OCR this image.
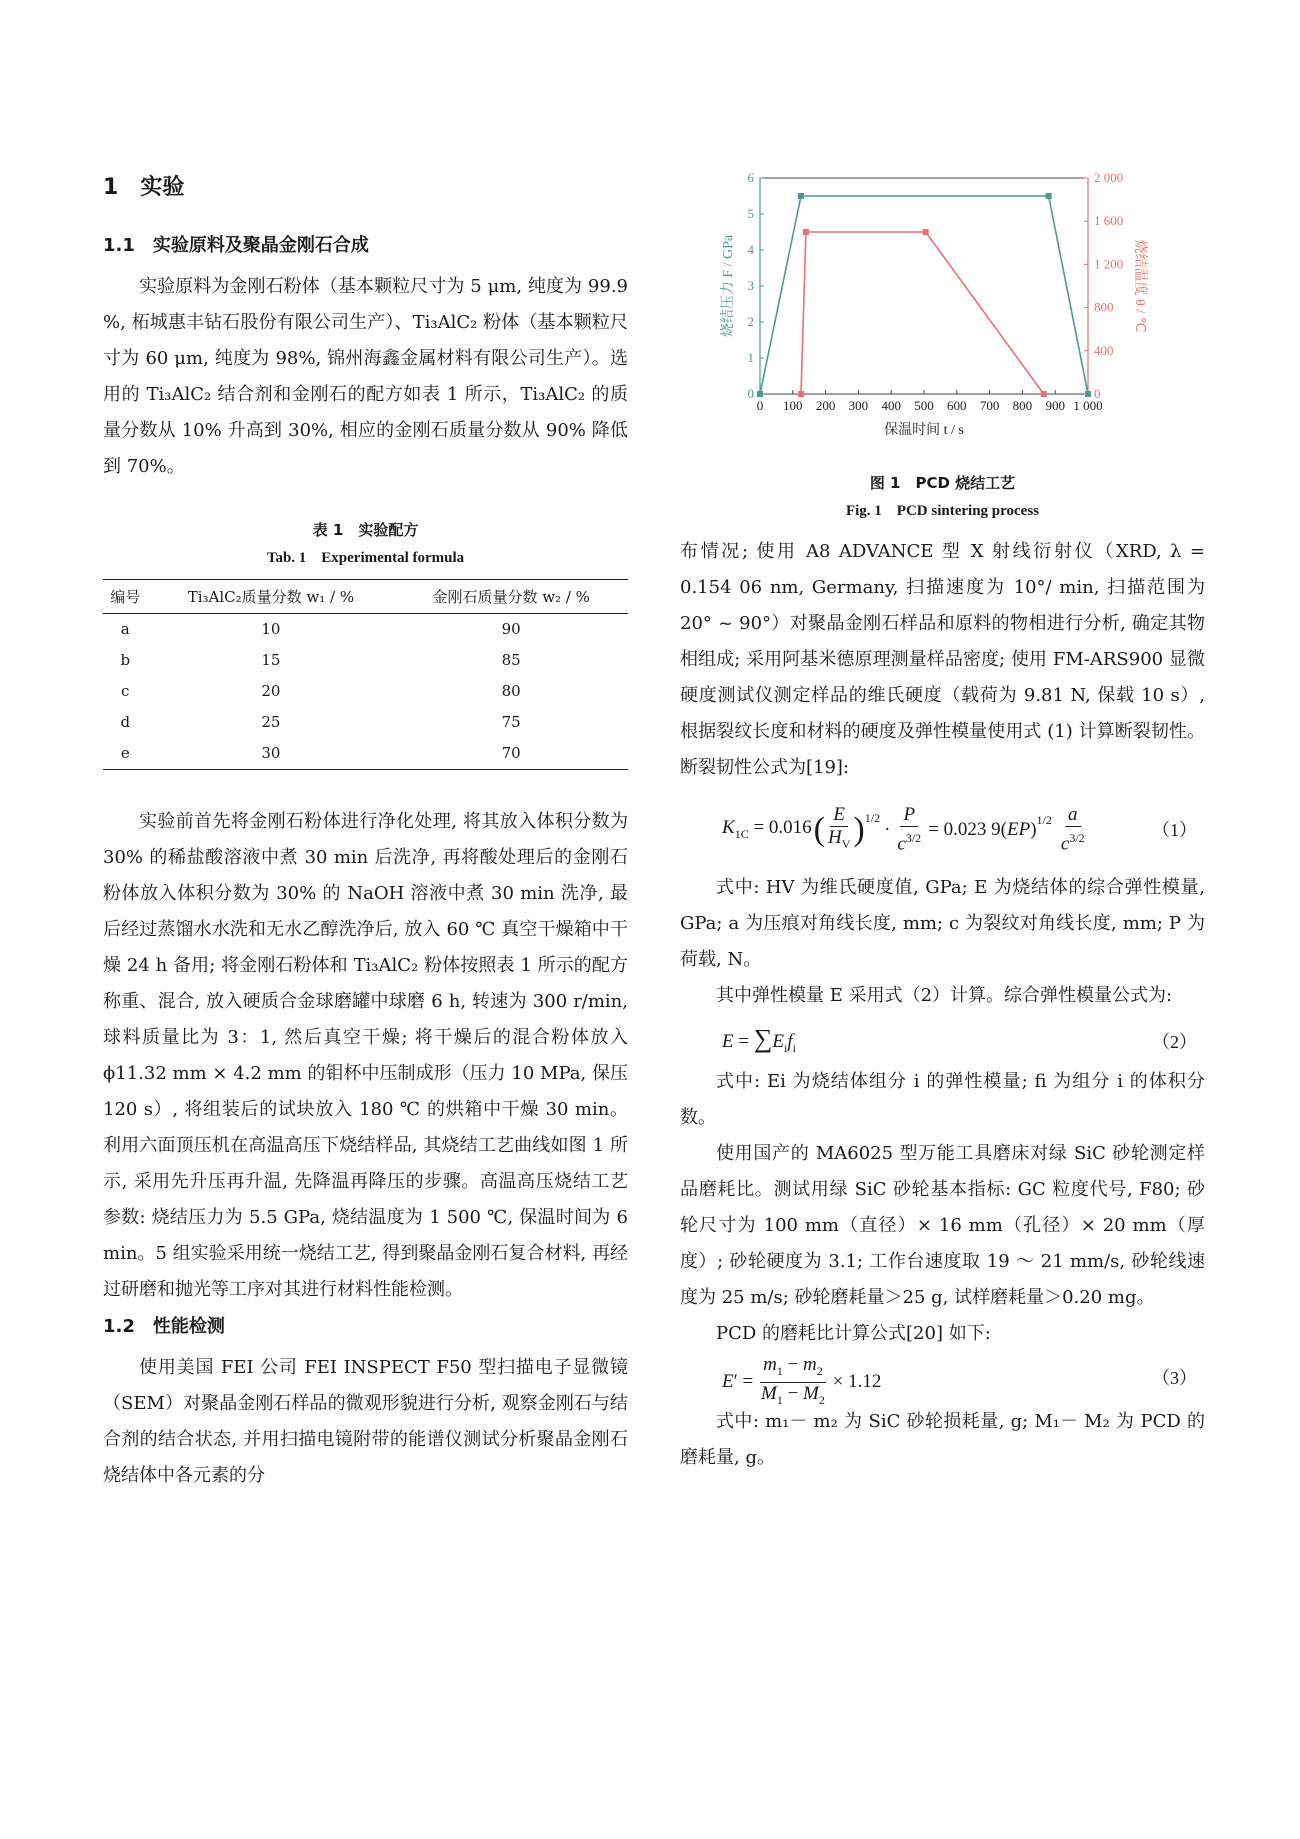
1 实验
1.1 实验原料及聚晶金刚石合成

实验原料为金刚石粉体（基本颗粒尺寸为 5 μm, 纯度为 99.9 %, 柘城惠丰钻石股份有限公司生产）、Ti₃AlC₂ 粉体（基本颗粒尺寸为 60 μm, 纯度为 98%, 锦州海鑫金属材料有限公司生产）。选用的 Ti₃AlC₂ 结合剂和金刚石的配方如表 1 所示，Ti₃AlC₂ 的质量分数从 10% 升高到 30%, 相应的金刚石质量分数从 90% 降低到 70%。

表 1　实验配方

Tab. 1　Experimental formula

编号	Ti₃AlC₂质量分数 w₁ / %	金刚石质量分数 w₂ / %
a	10	90
b	15	85
c	20	80
d	25	75
e	30	70

实验前首先将金刚石粉体进行净化处理, 将其放入体积分数为 30% 的稀盐酸溶液中煮 30 min 后洗净, 再将酸处理后的金刚石粉体放入体积分数为 30% 的 NaOH 溶液中煮 30 min 洗净, 最后经过蒸馏水水洗和无水乙醇洗净后, 放入 60 ℃ 真空干燥箱中干燥 24 h 备用; 将金刚石粉体和 Ti₃AlC₂ 粉体按照表 1 所示的配方称重、混合, 放入硬质合金球磨罐中球磨 6 h, 转速为 300 r/min, 球料质量比为 3：1, 然后真空干燥; 将干燥后的混合粉体放入 ϕ11.32 mm × 4.2 mm 的钼杯中压制成形（压力 10 MPa, 保压 120 s）, 将组装后的试块放入 180 ℃ 的烘箱中干燥 30 min。利用六面顶压机在高温高压下烧结样品, 其烧结工艺曲线如图 1 所示, 采用先升压再升温, 先降温再降压的步骤。高温高压烧结工艺参数: 烧结压力为 5.5 GPa, 烧结温度为 1 500 ℃, 保温时间为 6 min。5 组实验采用统一烧结工艺, 得到聚晶金刚石复合材料, 再经过研磨和抛光等工序对其进行材料性能检测。

1.2 性能检测

使用美国 FEI 公司 FEI INSPECT F50 型扫描电子显微镜（SEM）对聚晶金刚石样品的微观形貌进行分析, 观察金刚石与结合剂的结合状态, 并用扫描电镜附带的能谱仪测试分析聚晶金刚石烧结体中各元素的分

0 100 200 300 400 500 600 700 800 900 1 000
0
1
2
3
4
5
6
0
400
800
1 200
1 600
2 000
保温时间 t / s
烧结压力 F / GPa	烧结温度 θ / ℃

图 1　PCD 烧结工艺

Fig. 1　PCD sintering process

布情况; 使用 A8 ADVANCE 型 X 射线衍射仪（XRD, λ = 0.154 06 nm, Germany, 扫描速度为 10°/ min, 扫描范围为 20° ~ 90°）对聚晶金刚石样品和原料的物相进行分析, 确定其物相组成; 采用阿基米德原理测量样品密度; 使用 FM-ARS900 显微硬度测试仪测定样品的维氏硬度（载荷为 9.81 N, 保载 10 s）, 根据裂纹长度和材料的硬度及弹性模量使用式 (1) 计算断裂韧性。断裂韧性公式为[19]:

$K_{1C} = 0.016$ ( $\frac{E}{H_V} )^{1/2}$
· $\frac{P}{c^{3/2}} = 0.023$ $9(EP)^{1/2} \frac{a}{c^{3/2}}$	（1）

式中: HV 为维氏硬度值, GPa; E 为烧结体的综合弹性模量, GPa; a 为压痕对角线长度, mm; c 为裂纹对角线长度, mm; P 为荷载, N。

其中弹性模量 E 采用式（2）计算。综合弹性模量公式为:

$E = \sum E_if_i$	（2）

式中: Ei 为烧结体组分 i 的弹性模量; fi 为组分 i 的体积分数。

使用国产的 MA6025 型万能工具磨床对绿 SiC 砂轮测定样品磨耗比。测试用绿 SiC 砂轮基本指标: GC 粒度代号, F80; 砂轮尺寸为 100 mm（直径）× 16 mm（孔径）× 20 mm（厚度）; 砂轮硬度为 3.1; 工作台速度取 19 ～ 21 mm/s, 砂轮线速度为 25 m/s; 砂轮磨耗量＞25 g, 试样磨耗量＞0.20 mg。

PCD 的磨耗比计算公式[20] 如下:

$E' = \frac{m_1 - m_2}{M_1 - M_2} \times 1.12$	（3）

式中: m₁－ m₂ 为 SiC 砂轮损耗量, g; M₁－ M₂ 为 PCD 的磨耗量, g。
